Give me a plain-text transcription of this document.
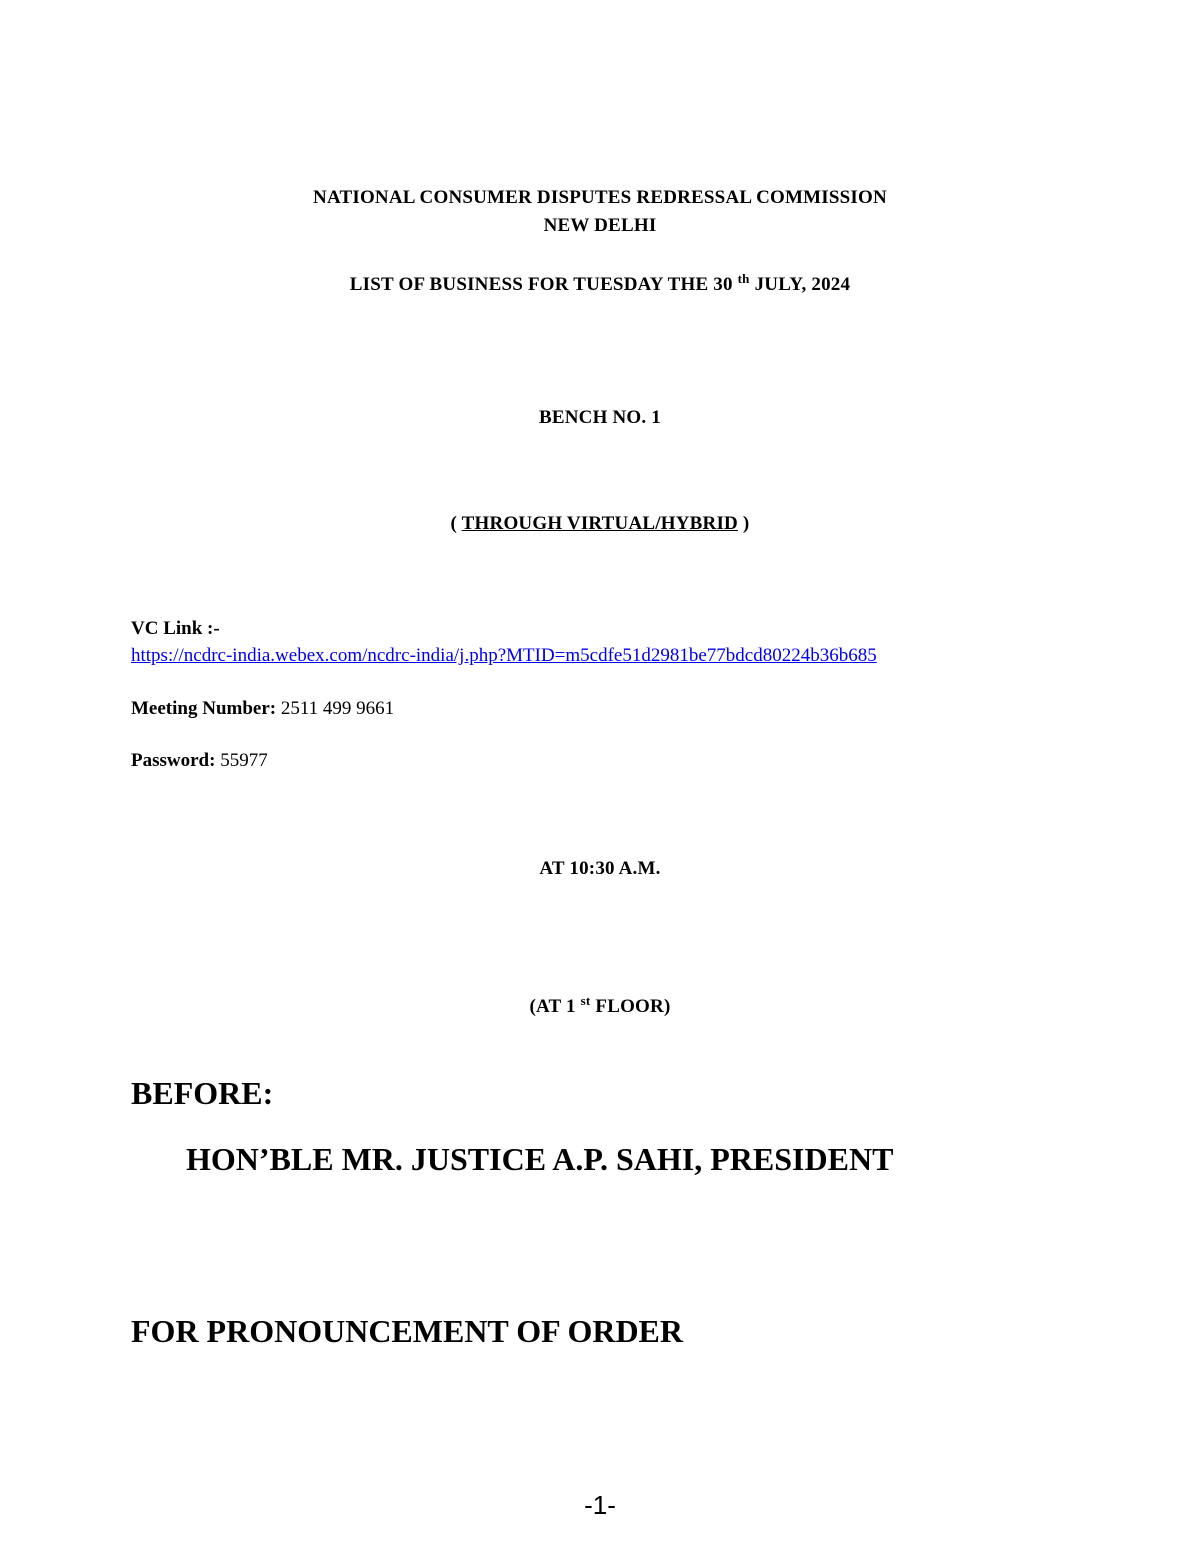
NATIONAL CONSUMER DISPUTES REDRESSAL COMMISSION
NEW DELHI
LIST OF BUSINESS FOR TUESDAY THE 30 $^{th}$ JULY, 2024
BENCH NO. 1
( THROUGH VIRTUAL/HYBRID )
VC Link :-
https://ncdrc-india.webex.com/ncdrc-india/j.php?MTID=m5cdfe51d2981be77bdcd80224b36b685
Meeting Number: 2511 499 9661
Password: 55977
AT 10:30 A.M.
(AT 1 $^{st}$ FLOOR)
BEFORE:
HON’BLE MR. JUSTICE A.P. SAHI, PRESIDENT
FOR PRONOUNCEMENT OF ORDER
-1-
